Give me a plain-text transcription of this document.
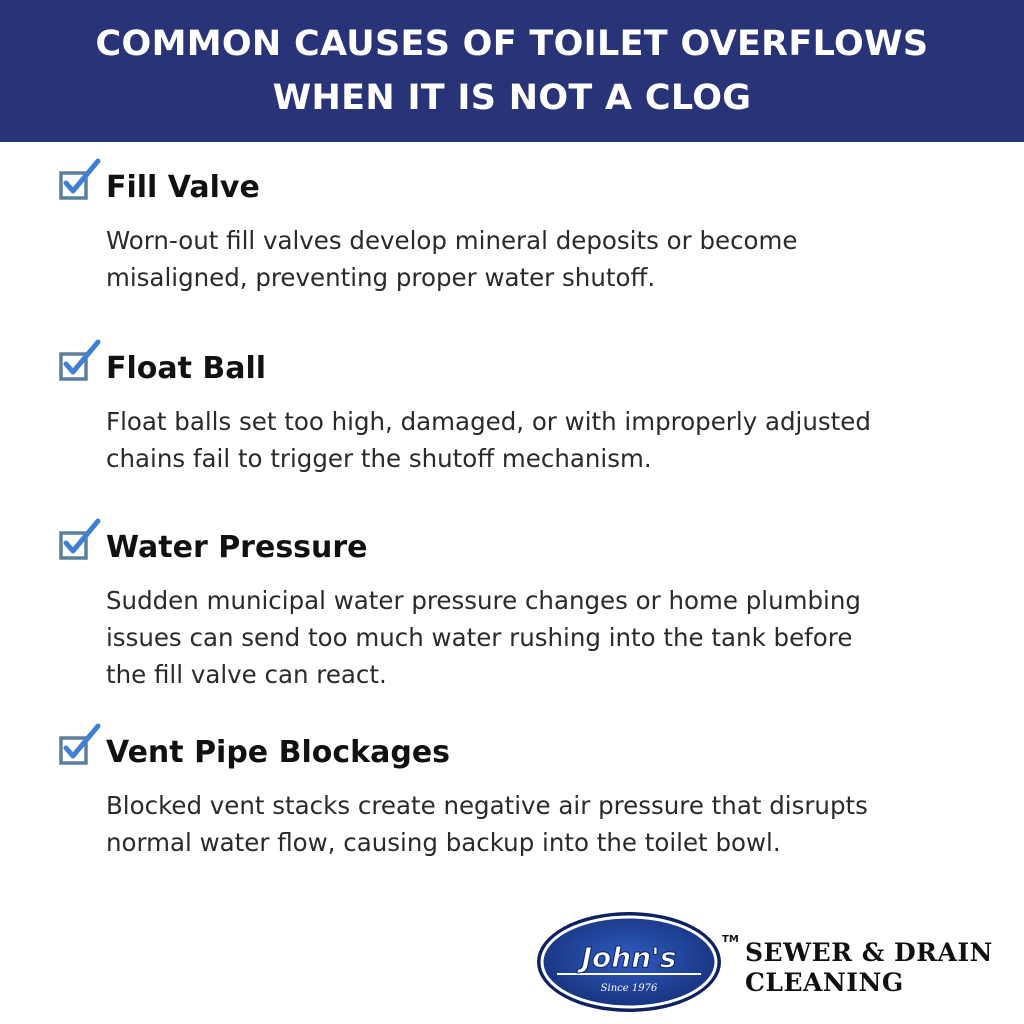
COMMON CAUSES OF TOILET OVERFLOWS
WHEN IT IS NOT A CLOG
Fill Valve
Worn-out fill valves develop mineral deposits or become
misaligned, preventing proper water shutoff.
Float Ball
Float balls set too high, damaged, or with improperly adjusted
chains fail to trigger the shutoff mechanism.
Water Pressure
Sudden municipal water pressure changes or home plumbing
issues can send too much water rushing into the tank before
the fill valve can react.
Vent Pipe Blockages
Blocked vent stacks create negative air pressure that disrupts
normal water flow, causing backup into the toilet bowl.
John's
Since 1976
TM SEWER & DRAIN
CLEANING
